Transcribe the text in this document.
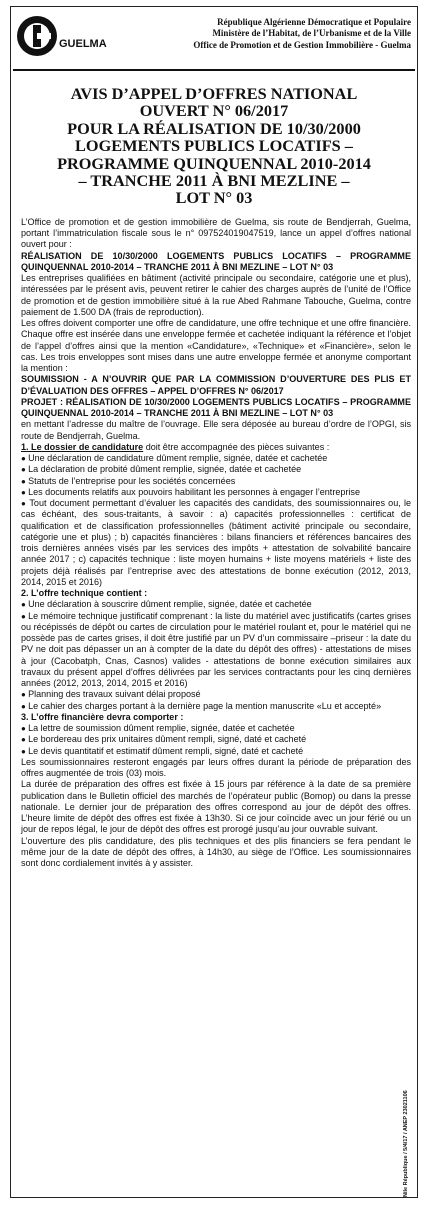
GUELMA
République Algérienne Démocratique et Populaire
Ministère de l’Habitat, de l’Urbanisme et de la Ville
Office de Promotion et de Gestion Immobilière - Guelma
AVIS D’APPEL D’OFFRES NATIONAL
OUVERT N° 06/2017
POUR LA RÉALISATION DE 10/30/2000
LOGEMENTS PUBLICS LOCATIFS –
PROGRAMME QUINQUENNAL 2010-2014
– TRANCHE 2011 À BNI MEZLINE –
LOT N° 03

L’Office de promotion et de gestion immobilière de Guelma, sis route de Bendjerrah, Guelma, portant l’immatriculation fiscale sous le n° 097524019047519, lance un appel d’offres national ouvert pour :

RÉALISATION DE 10/30/2000 LOGEMENTS PUBLICS LOCATIFS – PROGRAMME QUINQUENNAL 2010-2014 – TRANCHE 2011 À BNI MEZLINE – LOT N° 03

Les entreprises qualifiées en bâtiment (activité principale ou secondaire, catégorie une et plus), intéressées par le présent avis, peuvent retirer le cahier des charges auprès de l’unité de l’Office de promotion et de gestion immobilière situé à la rue Abed Rahmane Tabouche, Guelma, contre paiement de 1.500 DA (frais de reproduction).

Les offres doivent comporter une offre de candidature, une offre technique et une offre financière. Chaque offre est insérée dans une enveloppe fermée et cachetée indiquant la référence et l’objet de l’appel d’offres ainsi que la mention «Candidature», «Technique» et «Financière», selon le cas. Les trois enveloppes sont mises dans une autre enveloppe fermée et anonyme comportant la mention :

SOUMISSION - A N’OUVRIR QUE PAR LA COMMISSION D’OUVERTURE DES PLIS ET D’ÉVALUATION DES OFFRES – APPEL D’OFFRES N° 06/2017

PROJET : RÉALISATION DE 10/30/2000 LOGEMENTS PUBLICS LOCATIFS – PROGRAMME QUINQUENNAL 2010-2014 – TRANCHE 2011 À BNI MEZLINE – LOT N° 03

en mettant l’adresse du maître de l’ouvrage. Elle sera déposée au bureau d’ordre de l’OPGI, sis route de Bendjerrah, Guelma.

1. Le dossier de candidature doit être accompagnée des pièces suivantes :

● Une déclaration de candidature dûment remplie, signée, datée et cachetée

● La déclaration de probité dûment remplie, signée, datée et cachetée

● Statuts de l’entreprise pour les sociétés concernées

● Les documents relatifs aux pouvoirs habilitant les personnes à engager l’entreprise

● Tout document permettant d’évaluer les capacités des candidats, des soumissionnaires ou, le cas échéant, des sous-traitants, à savoir : a) capacités professionnelles : certificat de qualification et de classification professionnelles (bâtiment activité principale ou secondaire, catégorie une et plus) ; b) capacités financières : bilans financiers et références bancaires des trois dernières années visés par les services des impôts + attestation de solvabilité bancaire année 2017 ; c) capacités technique : liste moyen humains + liste moyens matériels + liste des projets déjà réalisés par l’entreprise avec des attestations de bonne exécution (2012, 2013, 2014, 2015 et 2016)

2. L’offre technique contient :

● Une déclaration à souscrire dûment remplie, signée, datée et cachetée

● Le mémoire technique justificatif comprenant : la liste du matériel avec justificatifs (cartes grises ou récépissés de dépôt ou cartes de circulation pour le matériel roulant et, pour le matériel qui ne possède pas de cartes grises, il doit être justifié par un PV d’un commissaire –priseur : la date du PV ne doit pas dépasser un an à compter de la date du dépôt des offres) - attestations de mises à jour (Cacobatph, Cnas, Casnos) valides - attestations de bonne exécution similaires aux travaux du présent appel d’offres délivrées par les services contractants pour les cinq dernières années (2012, 2013, 2014, 2015 et 2016)

● Planning des travaux suivant délai proposé

● Le cahier des charges portant à la dernière page la mention manuscrite «Lu et accepté»

3. L’offre financière devra comporter :

● La lettre de soumission dûment remplie, signée, datée et cachetée

● Le bordereau des prix unitaires dûment rempli, signé, daté et cacheté

● Le devis quantitatif et estimatif dûment rempli, signé, daté et cacheté

Les soumissionnaires resteront engagés par leurs offres durant la période de préparation des offres augmentée de trois (03) mois.

La durée de préparation des offres est fixée à 15 jours par référence à la date de sa première publication dans le Bulletin officiel des marchés de l’opérateur public (Bomop) ou dans la presse nationale. Le dernier jour de préparation des offres correspond au jour de dépôt des offres. L’heure limite de dépôt des offres est fixée à 13h30. Si ce jour coïncide avec un jour férié ou un jour de repos légal, le jour de dépôt des offres est prorogé jusqu’au jour ouvrable suivant.

L’ouverture des plis candidature, des plis techniques et des plis financiers se fera pendant le même jour de la date de dépôt des offres, à 14h30, au siège de l’Office. Les soumissionnaires sont donc cordialement invités à y assister.

Nile République / 5/4/17 / ANEP 23021106
